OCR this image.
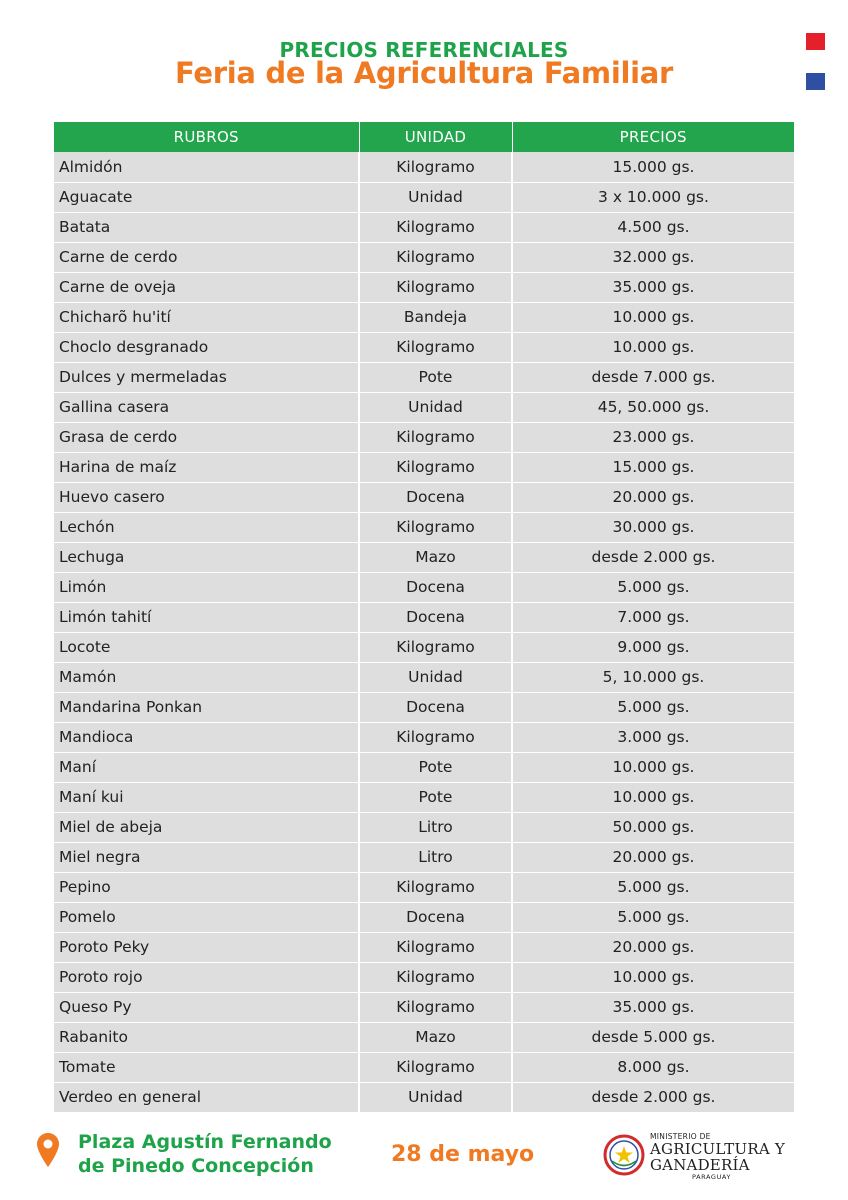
PRECIOS REFERENCIALES
Feria de la Agricultura Familiar
RUBROS	UNIDAD	PRECIOS
Almidón	Kilogramo	15.000 gs.
Aguacate	Unidad	3 x 10.000 gs.
Batata	Kilogramo	4.500 gs.
Carne de cerdo	Kilogramo	32.000 gs.
Carne de oveja	Kilogramo	35.000 gs.
Chicharõ hu'ití	Bandeja	10.000 gs.
Choclo desgranado	Kilogramo	10.000 gs.
Dulces y mermeladas	Pote	desde 7.000 gs.
Gallina casera	Unidad	45, 50.000 gs.
Grasa de cerdo	Kilogramo	23.000 gs.
Harina de maíz	Kilogramo	15.000 gs.
Huevo casero	Docena	20.000 gs.
Lechón	Kilogramo	30.000 gs.
Lechuga	Mazo	desde 2.000 gs.
Limón	Docena	5.000 gs.
Limón tahití	Docena	7.000 gs.
Locote	Kilogramo	9.000 gs.
Mamón	Unidad	5, 10.000 gs.
Mandarina Ponkan	Docena	5.000 gs.
Mandioca	Kilogramo	3.000 gs.
Maní	Pote	10.000 gs.
Maní kui	Pote	10.000 gs.
Miel de abeja	Litro	50.000 gs.
Miel negra	Litro	20.000 gs.
Pepino	Kilogramo	5.000 gs.
Pomelo	Docena	5.000 gs.
Poroto Peky	Kilogramo	20.000 gs.
Poroto rojo	Kilogramo	10.000 gs.
Queso Py	Kilogramo	35.000 gs.
Rabanito	Mazo	desde 5.000 gs.
Tomate	Kilogramo	8.000 gs.
Verdeo en general	Unidad	desde 2.000 gs.
Plaza Agustín Fernando
de Pinedo Concepción	28 de mayo
MINISTERIO DE
AGRICULTURA Y
GANADERÍA
PARAGUAY
